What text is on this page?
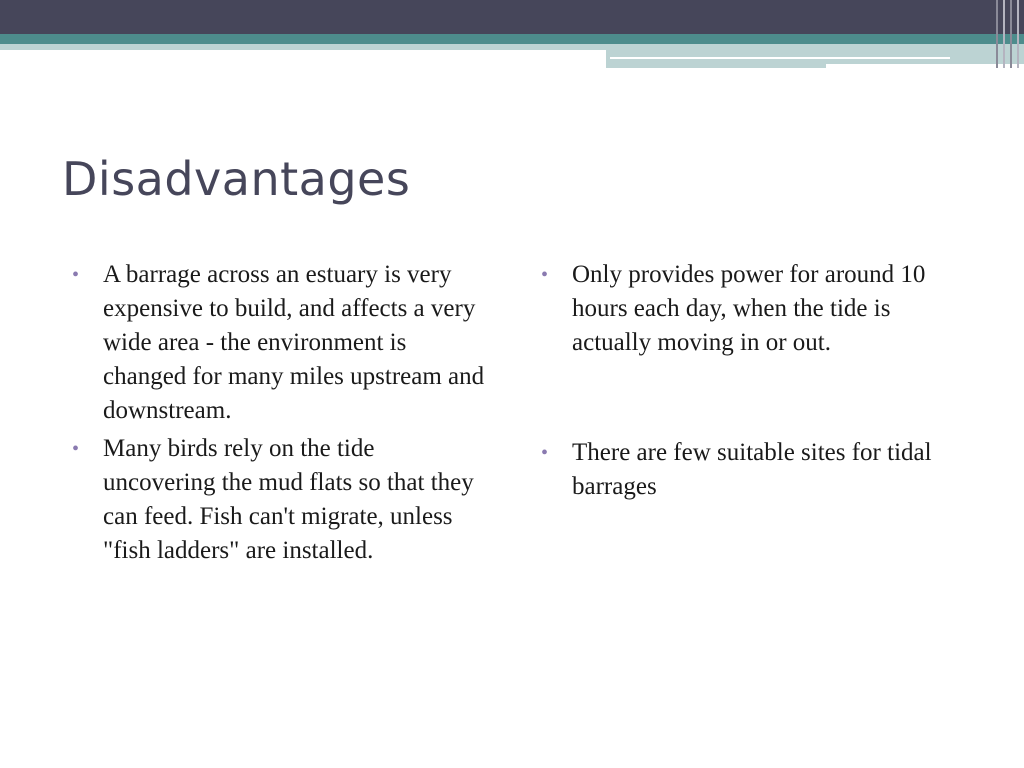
Disadvantages
• A barrage across an estuary is very expensive to build, and affects a very wide area - the environment is changed for many miles upstream and downstream.
• Many birds rely on the tide uncovering the mud flats so that they can feed. Fish can't migrate, unless "fish ladders" are installed.
• Only provides power for around 10 hours each day, when the tide is actually moving in or out.
• There are few suitable sites for tidal barrages
